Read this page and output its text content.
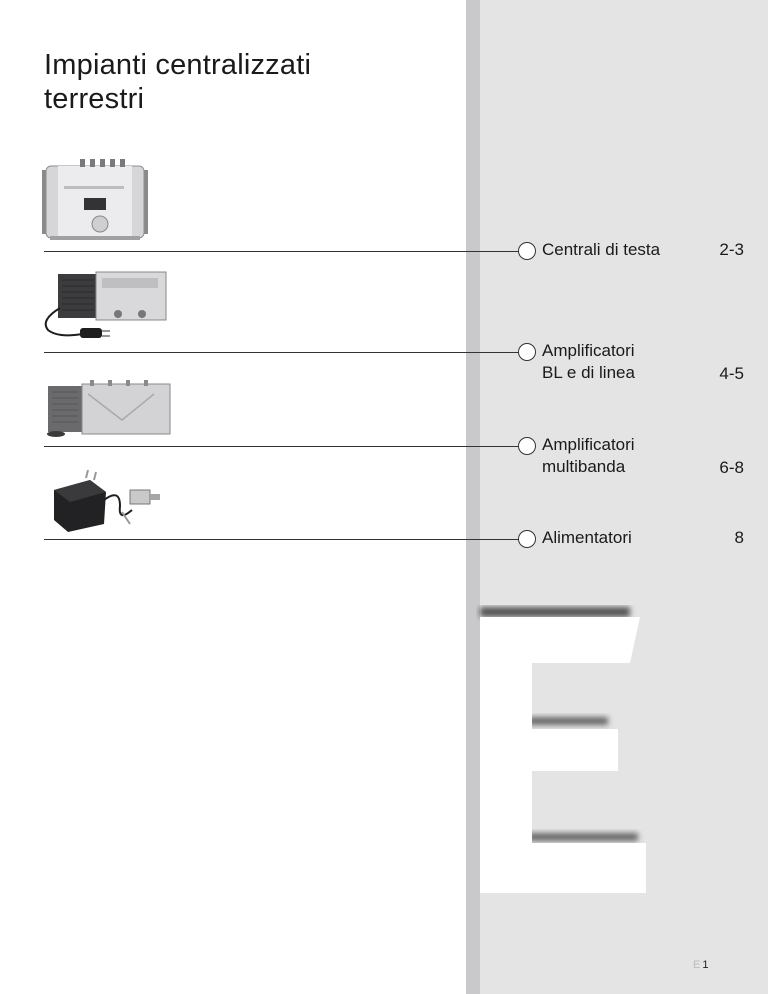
Impianti centralizzati
terrestri
Centrali di testa	2-3
Amplificatori
BL e di linea	4-5
Amplificatori
multibanda	6-8
Alimentatori	8
E 1
